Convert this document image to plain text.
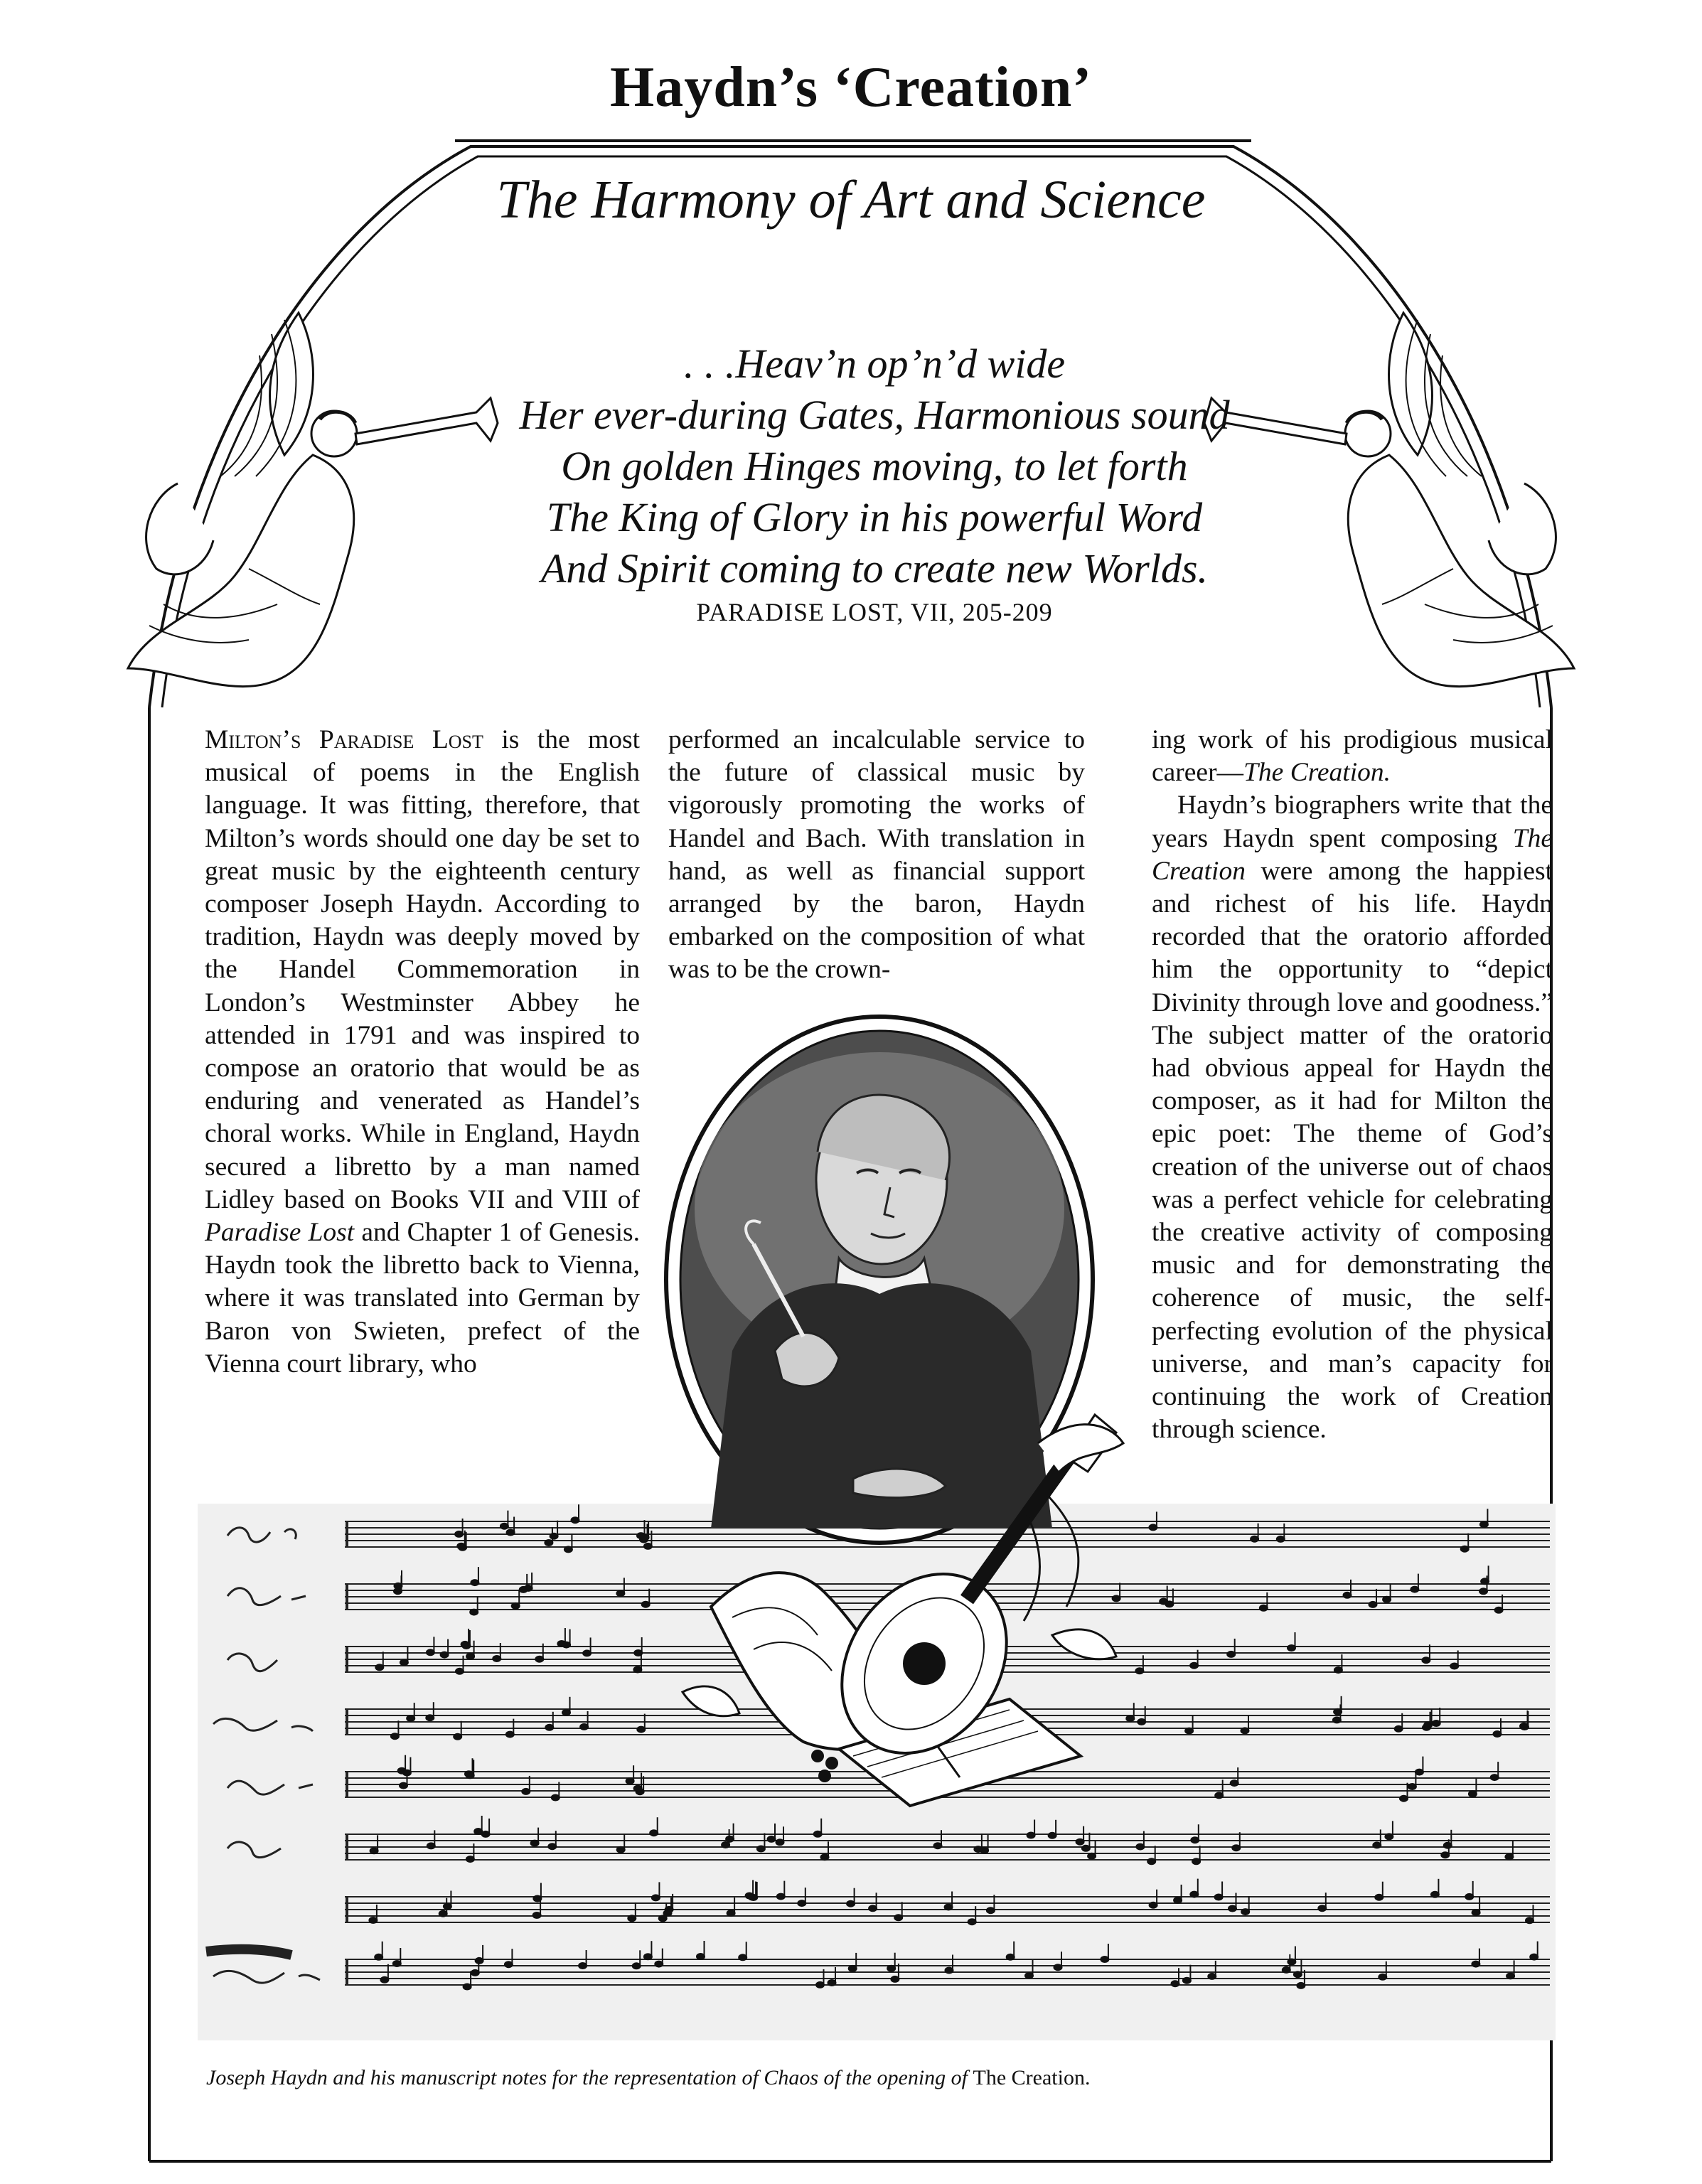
Haydn’s ‘Creation’
The Harmony of Art and Science
. . .Heav’n op’n’d wide
Her ever-during Gates, Harmonious sound
On golden Hinges moving, to let forth
The King of Glory in his powerful Word
And Spirit coming to create new Worlds.
PARADISE LOST, VII, 205-209

Milton’s Paradise Lost is the most musical of poems in the English language. It was fitting, therefore, that Milton’s words should one day be set to great music by the eighteenth century composer Joseph Haydn. According to tradition, Haydn was deeply moved by the Handel Commemoration in London’s Westminster Abbey he attended in 1791 and was inspired to compose an oratorio that would be as enduring and venerated as Handel’s choral works. While in England, Haydn secured a libretto by a man named Lidley based on Books VII and VIII of Paradise Lost and Chapter 1 of Genesis. Haydn took the libretto back to Vienna, where it was translated into German by Baron von Swieten, prefect of the Vienna court library, who

performed an incalculable service to the future of classical music by vigorously promoting the works of Handel and Bach. With translation in hand, as well as financial support arranged by the baron, Haydn embarked on the composition of what was to be the crown-

ing work of his prodigious musical career—The Creation.

Haydn’s biographers write that the years Haydn spent composing The Creation were among the happiest and richest of his life. Haydn recorded that the oratorio afforded him the opportunity to “depict Divinity through love and goodness.” The subject matter of the oratorio had obvious appeal for Haydn the composer, as it had for Milton the epic poet: The theme of God’s creation of the universe out of chaos was a perfect vehicle for celebrating the creative activity of composing music and for demonstrating the coherence of music, the self-perfecting evolution of the physical universe, and man’s capacity for continuing the work of Creation through science.

Joseph Haydn and his manuscript notes for the representation of Chaos of the opening of The Creation.
